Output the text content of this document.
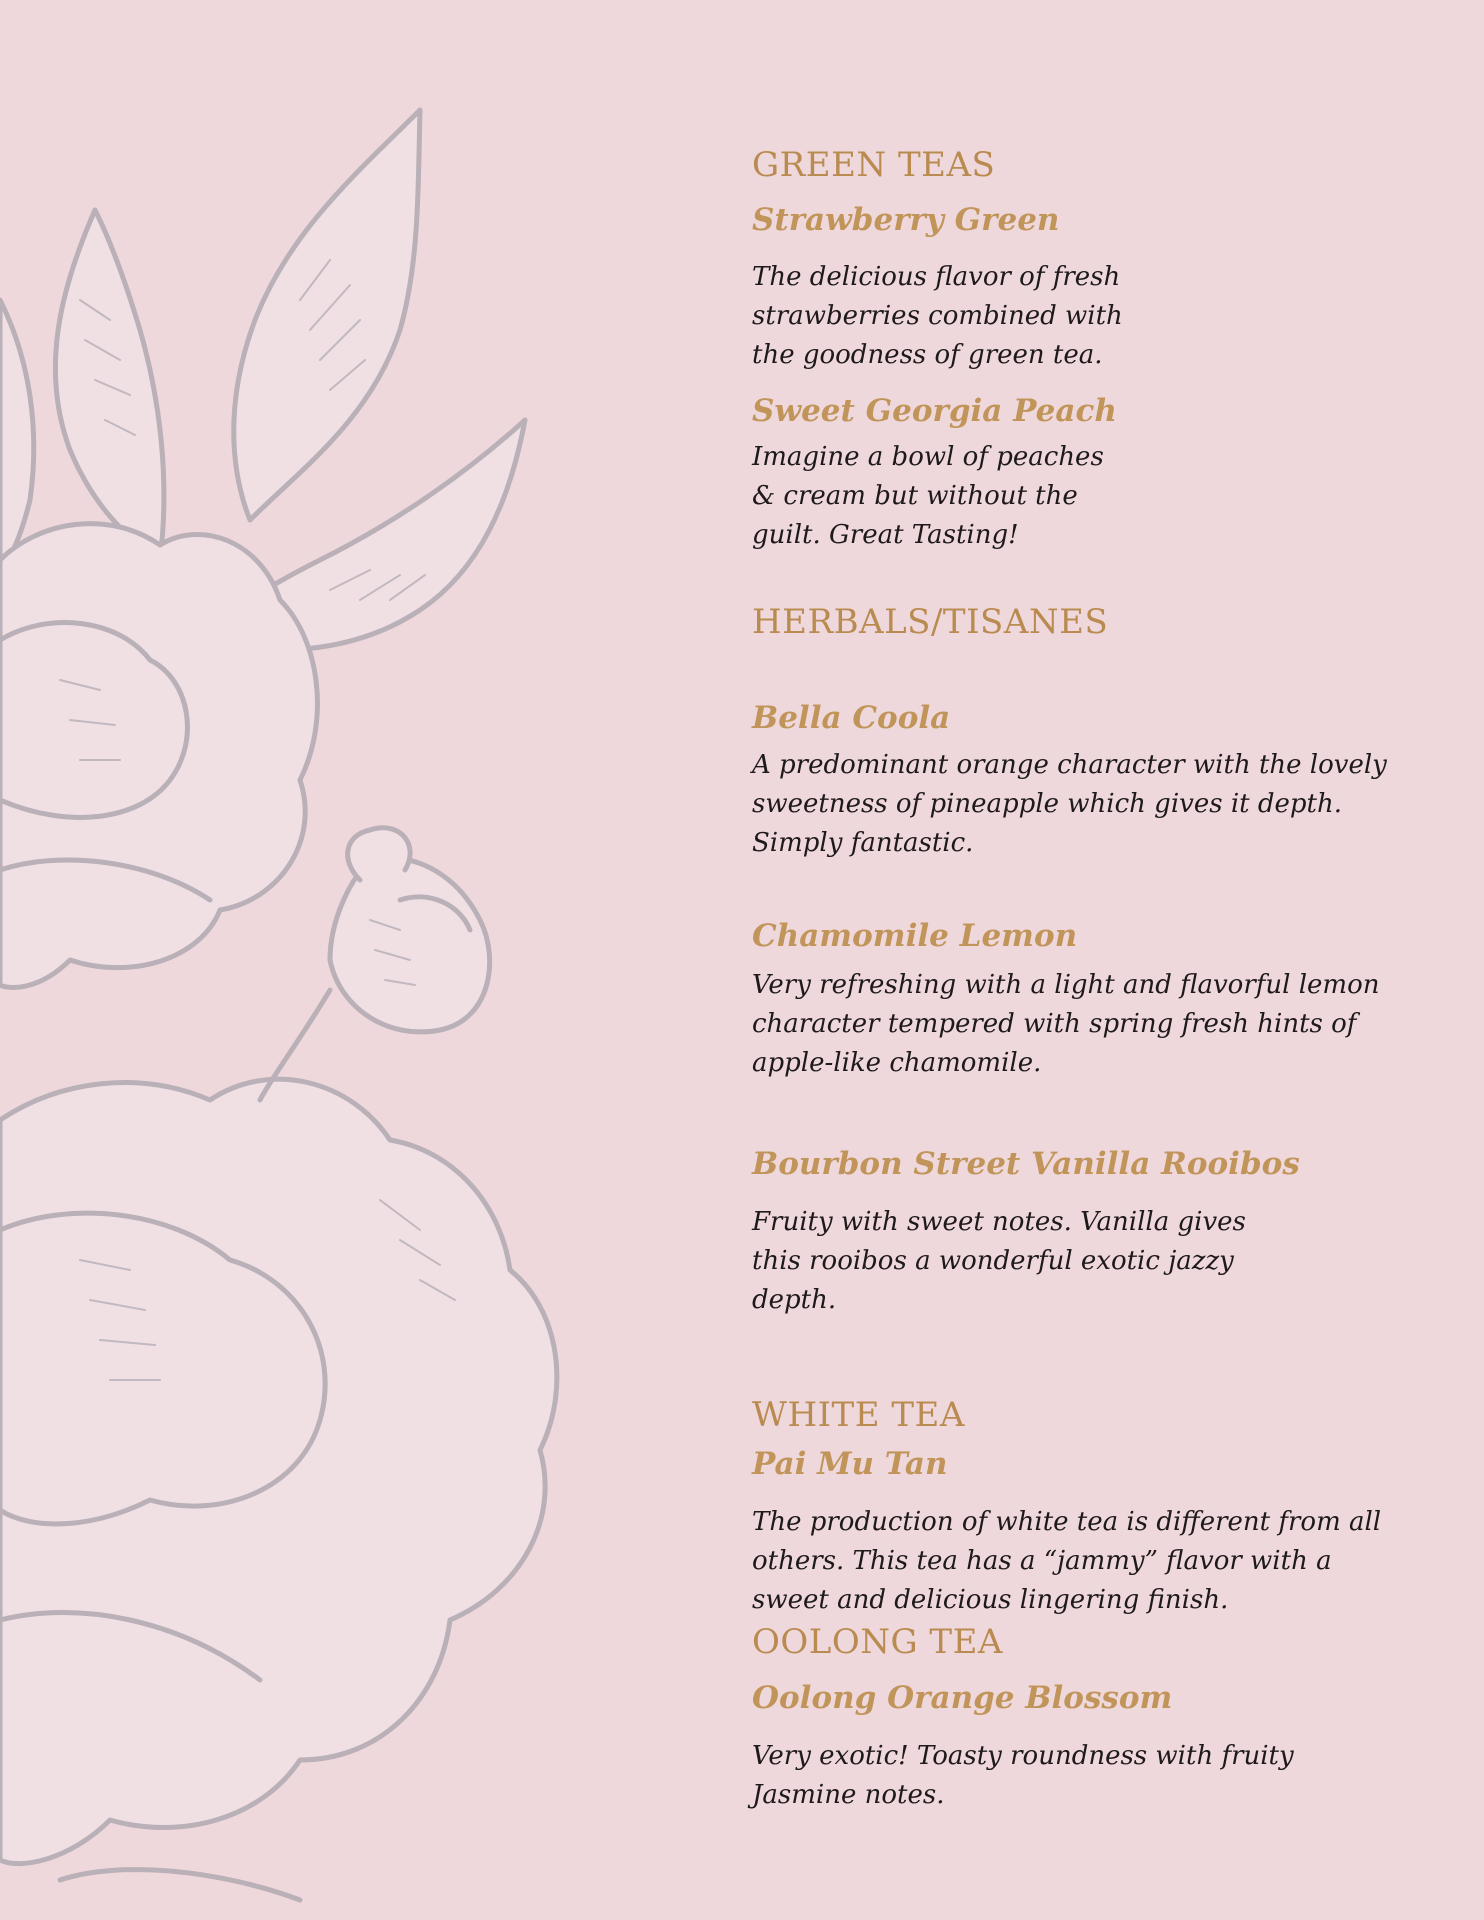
GREEN TEAS
Strawberry Green

The delicious flavor of fresh strawberries combined with the goodness of green tea.

Sweet Georgia Peach

Imagine a bowl of peaches & cream but without the guilt. Great Tasting!

HERBALS/TISANES
Bella Coola

A predominant orange character with the lovely sweetness of pineapple which gives it depth. Simply fantastic.

Chamomile Lemon

Very refreshing with a light and flavorful lemon character tempered with spring fresh hints of apple-like chamomile.

Bourbon Street Vanilla Rooibos

Fruity with sweet notes. Vanilla gives this rooibos a wonderful exotic jazzy depth.

WHITE TEA
Pai Mu Tan

The production of white tea is different from all others. This tea has a “jammy” flavor with a sweet and delicious lingering finish.

OOLONG TEA
Oolong Orange Blossom

Very exotic! Toasty roundness with fruity Jasmine notes.
